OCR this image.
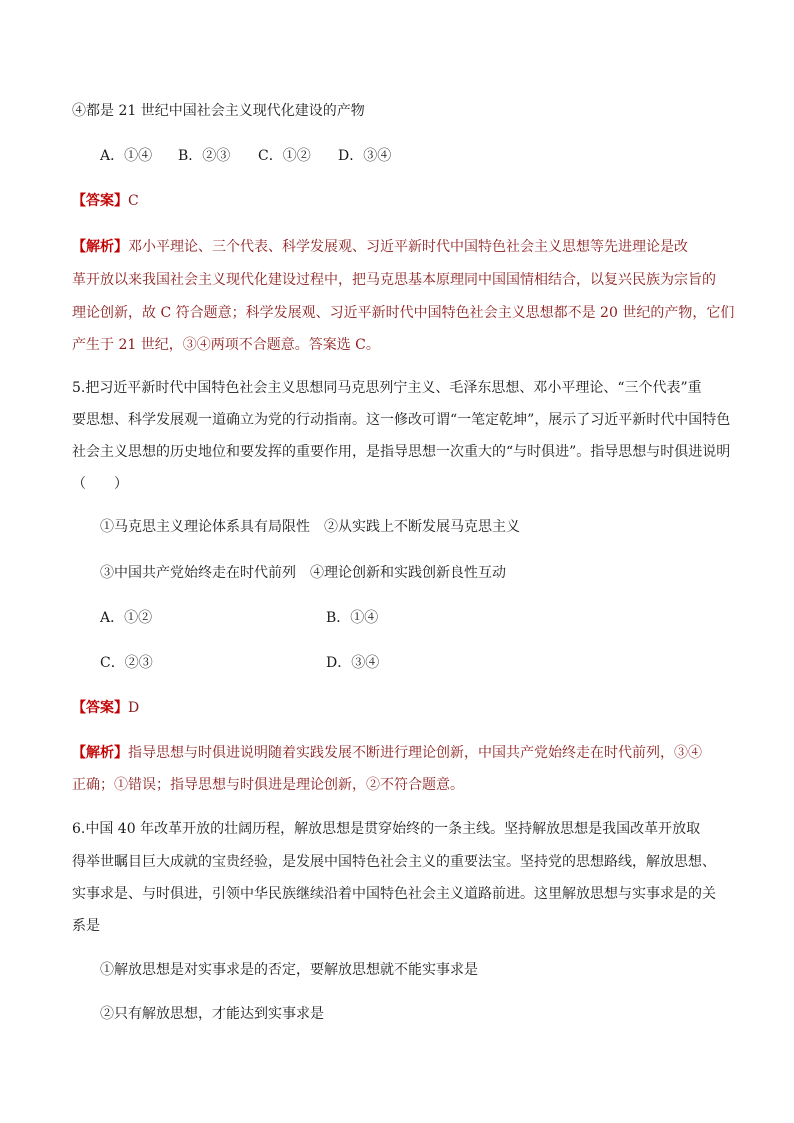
④都是 21 世纪中国社会主义现代化建设的产物
A．①④ B．②③ C．①② D．③④
【答案】C
【解析】邓小平理论、三个代表、科学发展观、习近平新时代中国特色社会主义思想等先进理论是改
革开放以来我国社会主义现代化建设过程中，把马克思基本原理同中国国情相结合，以复兴民族为宗旨的
理论创新，故 C 符合题意；科学发展观、习近平新时代中国特色社会主义思想都不是 20 世纪的产物，它们
产生于 21 世纪，③④两项不合题意。答案选 C。
5.把习近平新时代中国特色社会主义思想同马克思列宁主义、毛泽东思想、邓小平理论、“三个代表”重
要思想、科学发展观一道确立为党的行动指南。这一修改可谓“一笔定乾坤”，展示了习近平新时代中国特色
社会主义思想的历史地位和要发挥的重要作用，是指导思想一次重大的“与时俱进”。指导思想与时俱进说明
（　　）
①马克思主义理论体系具有局限性　②从实践上不断发展马克思主义
③中国共产党始终走在时代前列　④理论创新和实践创新良性互动
A．①②	B．①④
C．②③	D．③④
【答案】D
【解析】指导思想与时俱进说明随着实践发展不断进行理论创新，中国共产党始终走在时代前列，③④
正确；①错误；指导思想与时俱进是理论创新，②不符合题意。
6.中国 40 年改革开放的壮阔历程，解放思想是贯穿始终的一条主线。坚持解放思想是我国改革开放取
得举世瞩目巨大成就的宝贵经验，是发展中国特色社会主义的重要法宝。坚持党的思想路线，解放思想、
实事求是、与时俱进，引领中华民族继续沿着中国特色社会主义道路前进。这里解放思想与实事求是的关
系是
①解放思想是对实事求是的否定，要解放思想就不能实事求是
②只有解放思想，才能达到实事求是
